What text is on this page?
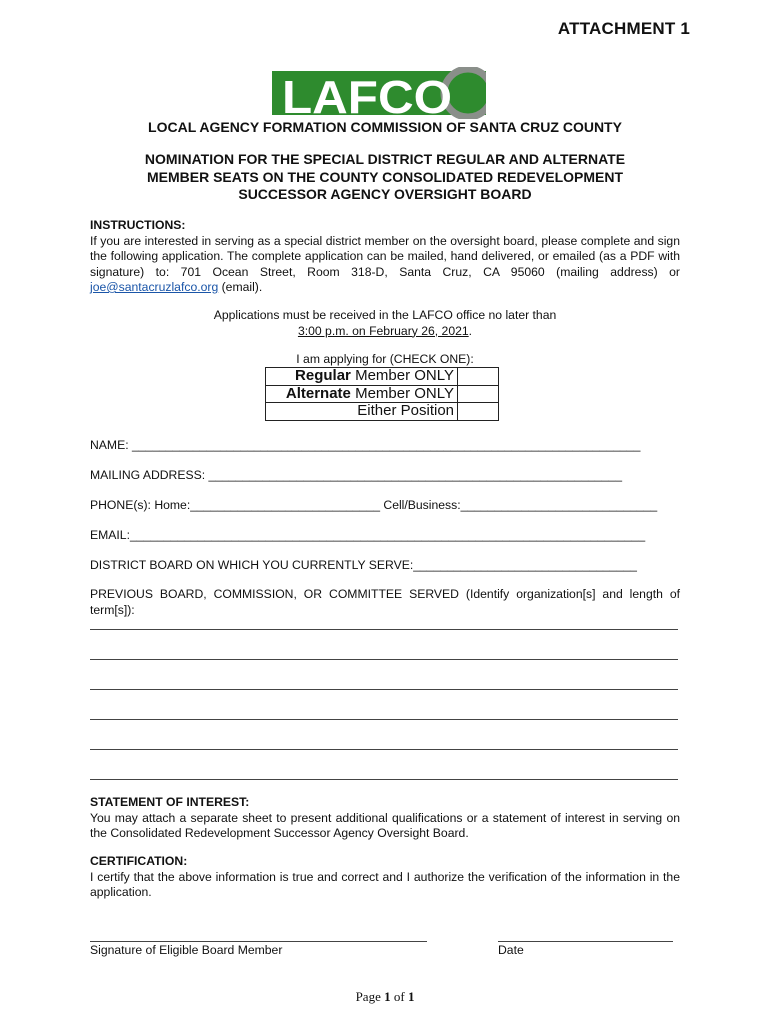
ATTACHMENT 1
LAFCO
LOCAL AGENCY FORMATION COMMISSION OF SANTA CRUZ COUNTY
NOMINATION FOR THE SPECIAL DISTRICT REGULAR AND ALTERNATE
MEMBER SEATS ON THE COUNTY CONSOLIDATED REDEVELOPMENT
SUCCESSOR AGENCY OVERSIGHT BOARD
INSTRUCTIONS:
If you are interested in serving as a special district member on the oversight board, please complete and sign the following application. The complete application can be mailed, hand delivered, or emailed (as a PDF with signature) to: 701 Ocean Street, Room 318-D, Santa Cruz, CA 95060 (mailing address) or joe@santacruzlafco.org (email).
Applications must be received in the LAFCO office no later than
3:00 p.m. on February 26, 2021.
I am applying for (CHECK ONE):
Regular Member ONLY	
Alternate Member ONLY	
Either Position	
NAME: ___________________________________________________________________________
MAILING ADDRESS: _____________________________________________________________
PHONE(s): Home:____________________________ Cell/Business:_____________________________
EMAIL:____________________________________________________________________________
DISTRICT BOARD ON WHICH YOU CURRENTLY SERVE:_________________________________
PREVIOUS BOARD, COMMISSION, OR COMMITTEE SERVED (Identify organization[s] and length of term[s]):
STATEMENT OF INTEREST:
You may attach a separate sheet to present additional qualifications or a statement of interest in serving on the Consolidated Redevelopment Successor Agency Oversight Board.
CERTIFICATION:
I certify that the above information is true and correct and I authorize the verification of the information in the application.
Signature of Eligible Board Member	Date
Page 1 of 1
